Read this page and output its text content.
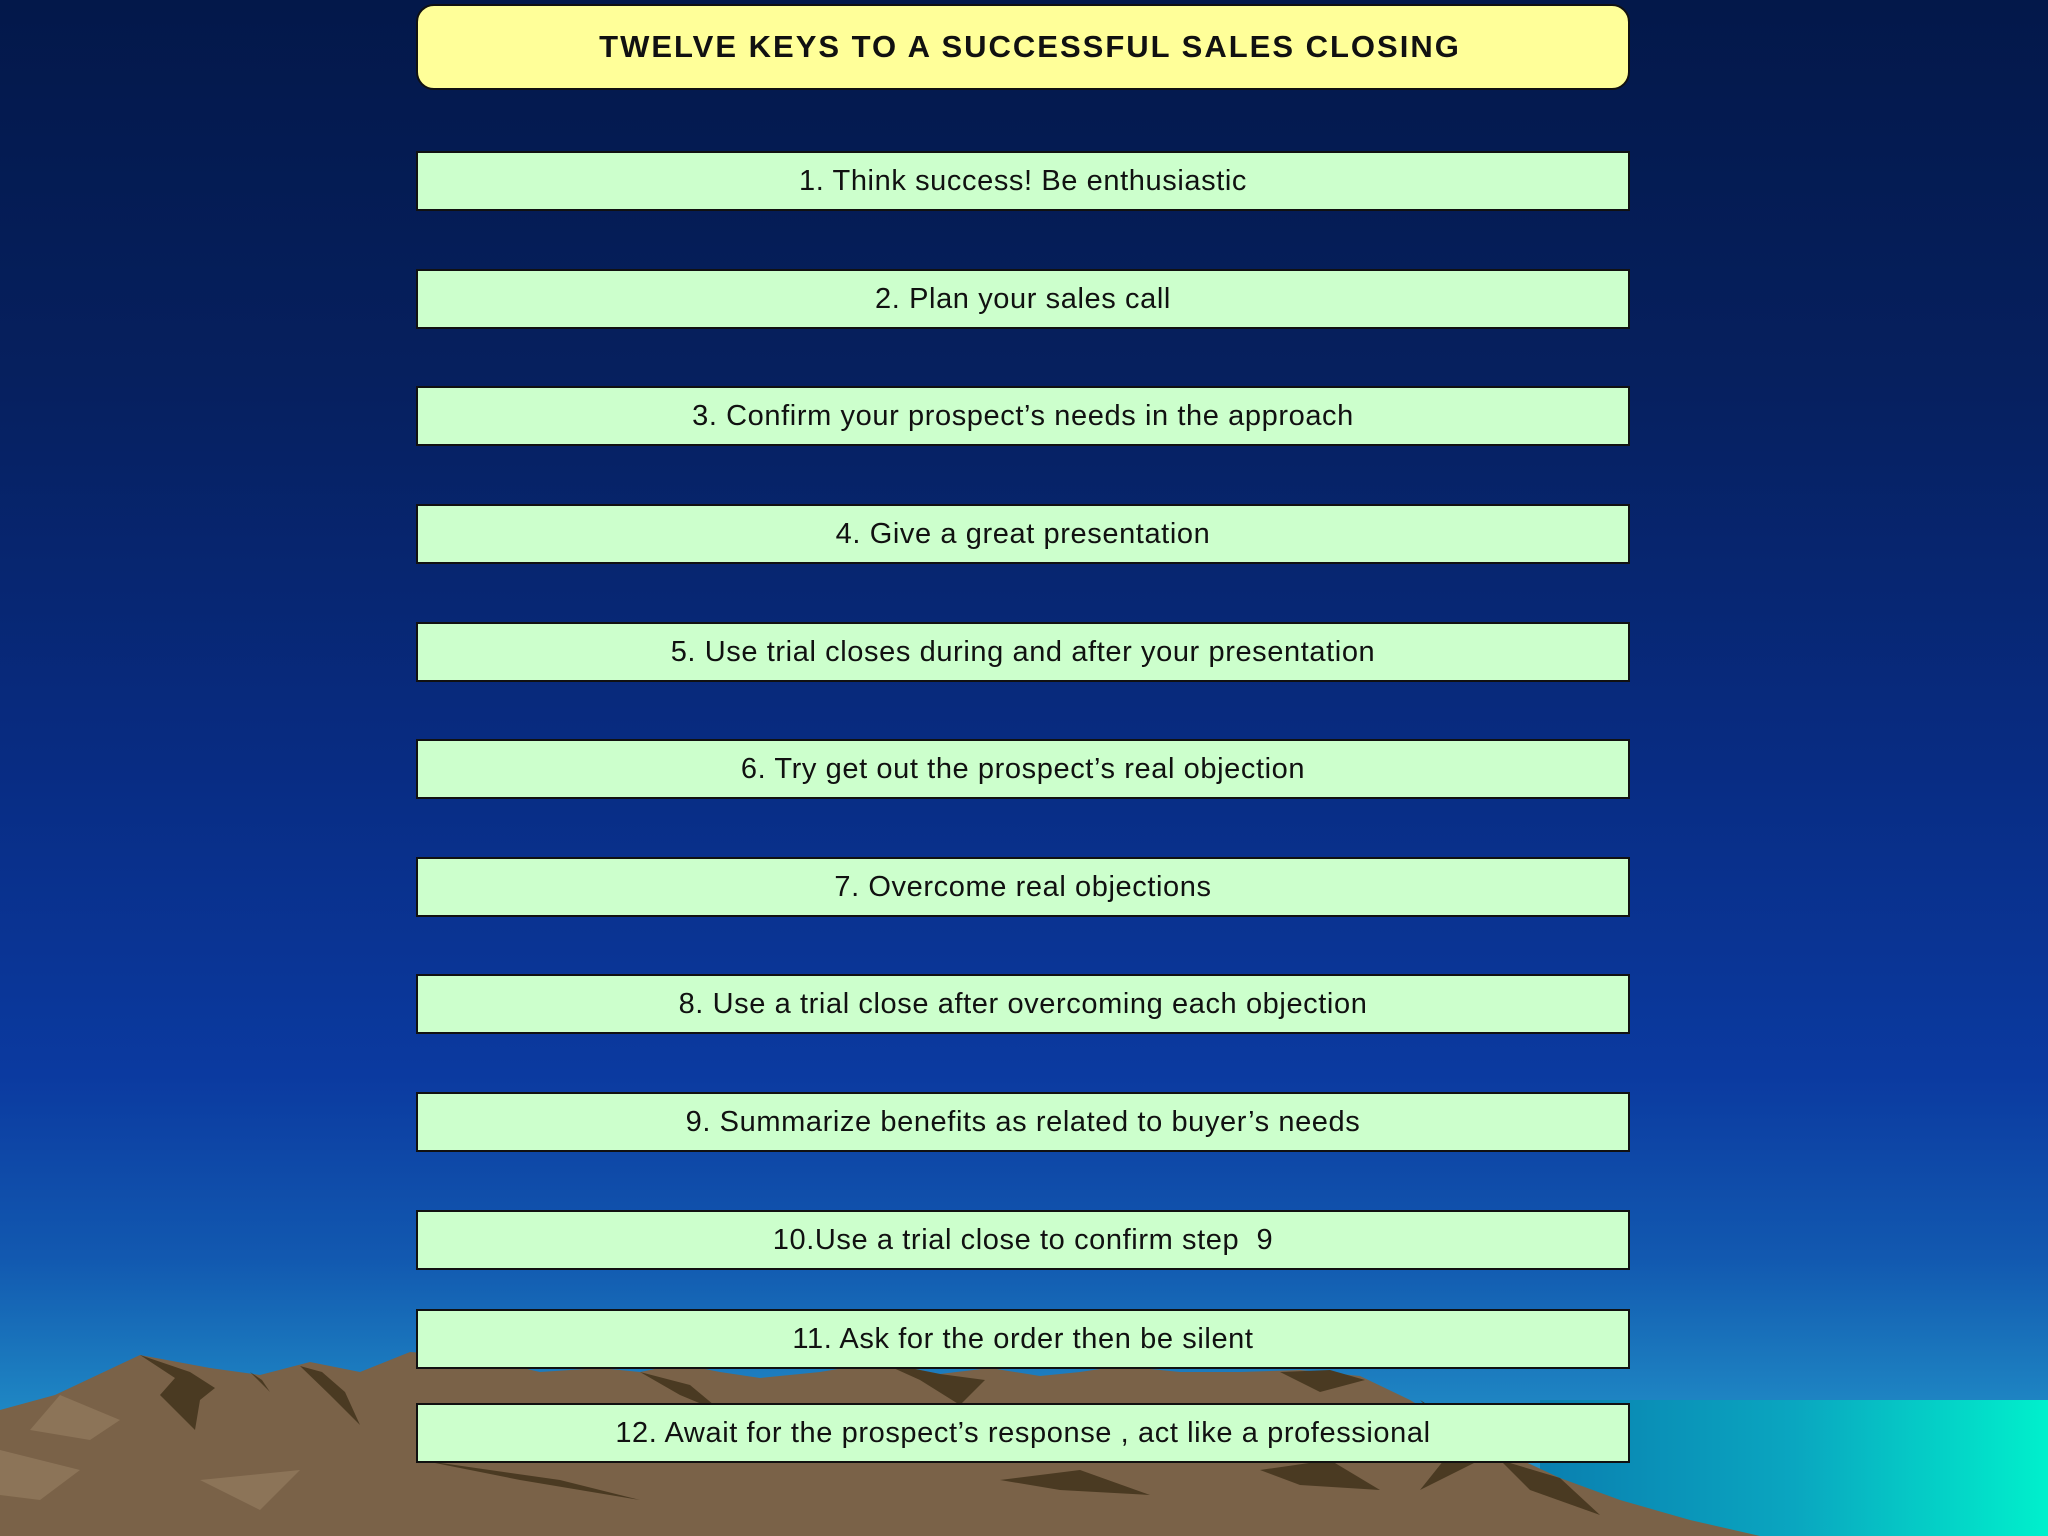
TWELVE KEYS TO A SUCCESSFUL SALES CLOSING
1. Think success! Be enthusiastic
2. Plan your sales call
3. Confirm your prospect’s needs in the approach
4. Give a great presentation
5. Use trial closes during and after your presentation
6. Try get out the prospect’s real objection
7. Overcome real objections
8. Use a trial close after overcoming each objection
9. Summarize benefits as related to buyer’s needs
10.Use a trial close to confirm step  9
11. Ask for the order then be silent
12. Await for the prospect’s response , act like a professional
